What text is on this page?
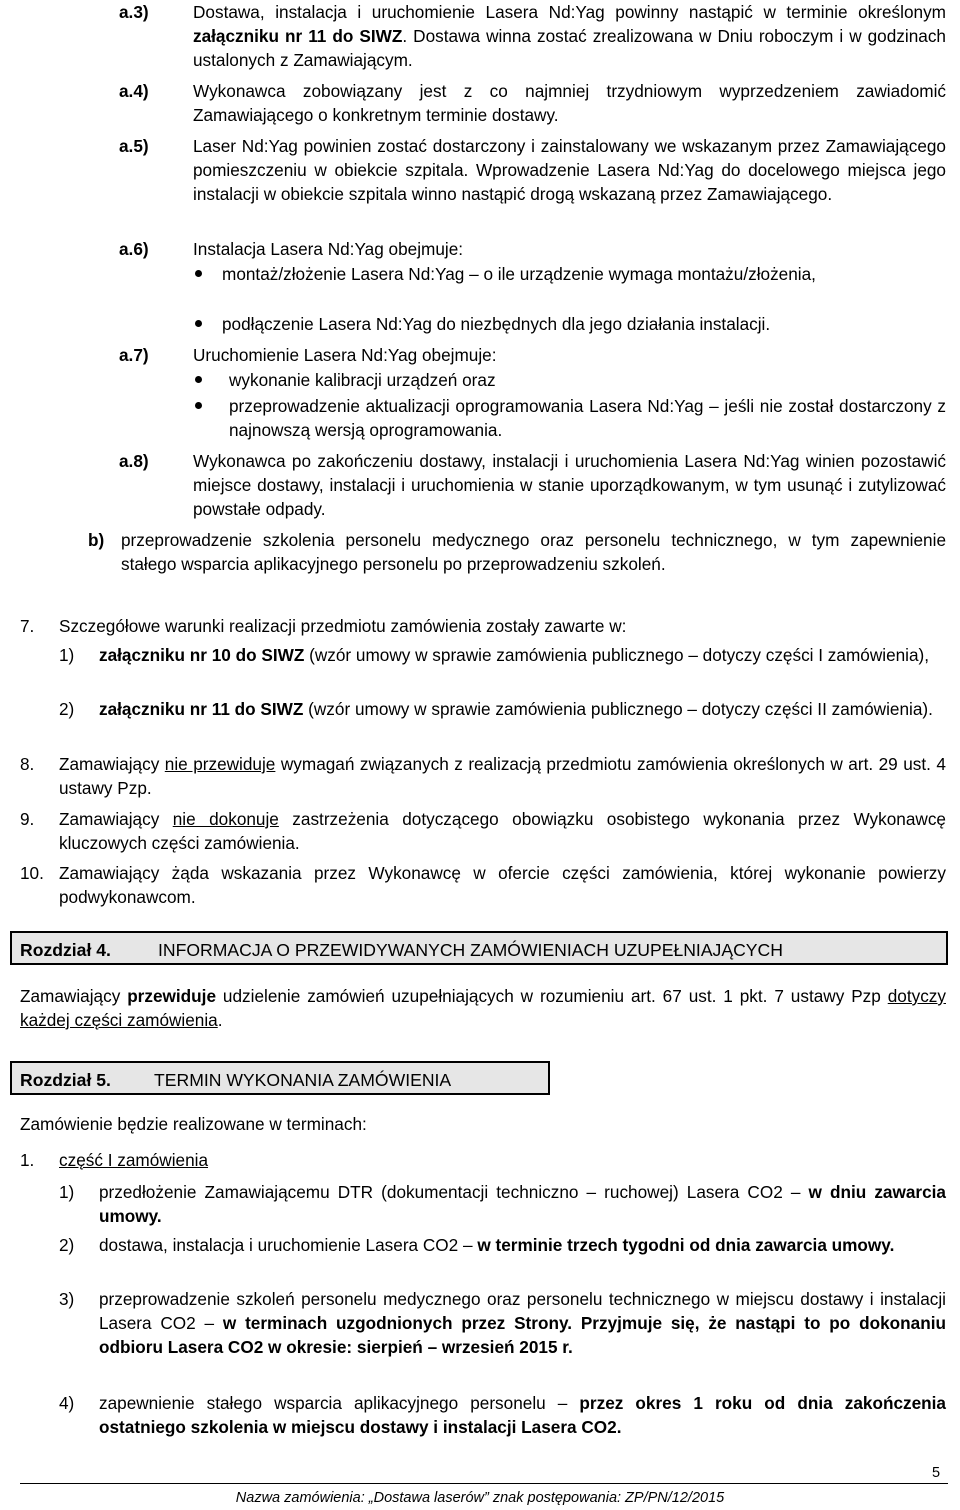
a.3)	Dostawa, instalacja i uruchomienie Lasera Nd:Yag powinny nastąpić w terminie określonym załączniku nr 11 do SIWZ. Dostawa winna zostać zrealizowana w Dniu roboczym i w godzinach ustalonych z Zamawiającym.
a.4)	Wykonawca zobowiązany jest z co najmniej trzydniowym wyprzedzeniem zawiadomić Zamawiającego o konkretnym terminie dostawy.
a.5)	Laser Nd:Yag powinien zostać dostarczony i zainstalowany we wskazanym przez Zamawiającego pomieszczeniu w obiekcie szpitala. Wprowadzenie Lasera Nd:Yag do docelowego miejsca jego instalacji w obiekcie szpitala winno nastąpić drogą wskazaną przez Zamawiającego.
a.6)	Instalacja Lasera Nd:Yag obejmuje:
montaż/złożenie Lasera Nd:Yag – o ile urządzenie wymaga montażu/złożenia,
podłączenie Lasera Nd:Yag do niezbędnych dla jego działania instalacji.
a.7)	Uruchomienie Lasera Nd:Yag obejmuje:
wykonanie kalibracji urządzeń oraz
przeprowadzenie aktualizacji oprogramowania Lasera Nd:Yag – jeśli nie został dostarczony z najnowszą wersją oprogramowania.
a.8)	Wykonawca po zakończeniu dostawy, instalacji i uruchomienia Lasera Nd:Yag winien pozostawić miejsce dostawy, instalacji i uruchomienia w stanie uporządkowanym, w tym usunąć i zutylizować powstałe odpady.
b) przeprowadzenie szkolenia personelu medycznego oraz personelu technicznego, w tym zapewnienie stałego wsparcia aplikacyjnego personelu po przeprowadzeniu szkoleń.
7. Szczegółowe warunki realizacji przedmiotu zamówienia zostały zawarte w:
1) załączniku nr 10 do SIWZ (wzór umowy w sprawie zamówienia publicznego – dotyczy części I zamówienia),
2) załączniku nr 11 do SIWZ (wzór umowy w sprawie zamówienia publicznego – dotyczy części II zamówienia).
8. Zamawiający nie przewiduje wymagań związanych z realizacją przedmiotu zamówienia określonych w art. 29 ust. 4 ustawy Pzp.
9. Zamawiający nie dokonuje zastrzeżenia dotyczącego obowiązku osobistego wykonania przez Wykonawcę kluczowych części zamówienia.
10. Zamawiający żąda wskazania przez Wykonawcę w ofercie części zamówienia, której wykonanie powierzy podwykonawcom.
Rozdział 4.	INFORMACJA O PRZEWIDYWANYCH ZAMÓWIENIACH UZUPEŁNIAJĄCYCH
Zamawiający przewiduje udzielenie zamówień uzupełniających w rozumieniu art. 67 ust. 1 pkt. 7 ustawy Pzp dotyczy każdej części zamówienia.
Rozdział 5. TERMIN WYKONANIA ZAMÓWIENIA
Zamówienie będzie realizowane w terminach:
1. część I zamówienia
1) przedłożenie Zamawiającemu DTR (dokumentacji techniczno – ruchowej) Lasera CO2 – w dniu zawarcia umowy.
2) dostawa, instalacja i uruchomienie Lasera CO2 – w terminie trzech tygodni od dnia zawarcia umowy.
3) przeprowadzenie szkoleń personelu medycznego oraz personelu technicznego w miejscu dostawy i instalacji Lasera CO2 – w terminach uzgodnionych przez Strony. Przyjmuje się, że nastąpi to po dokonaniu odbioru Lasera CO2 w okresie: sierpień – wrzesień 2015 r.
4) zapewnienie stałego wsparcia aplikacyjnego personelu – przez okres 1 roku od dnia zakończenia ostatniego szkolenia w miejscu dostawy i instalacji Lasera CO2.
5
Nazwa zamówienia: „Dostawa laserów” znak postępowania: ZP/PN/12/2015
